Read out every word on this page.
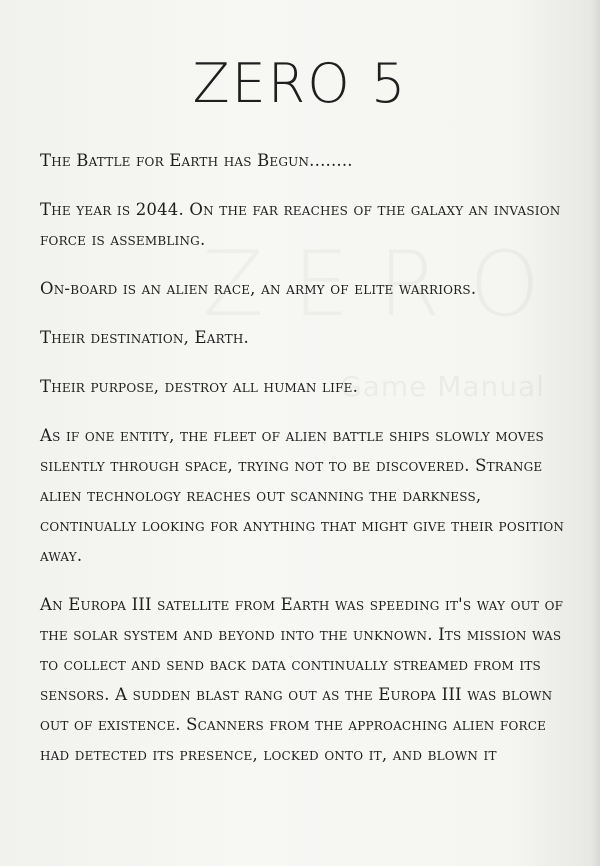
ZERO 5

The Battle for Earth has Begun........

The year is 2044. On the far reaches of the galaxy an invasion force is assembling.

On-board is an alien race, an army of elite warriors.

Their destination, Earth.

Their purpose, destroy all human life.

As if one entity, the fleet of alien battle ships slowly moves silently through space, trying not to be discovered. Strange alien technology reaches out scanning the darkness, continually looking for anything that might give their position away.

An Europa III satellite from Earth was speeding it's way out of the solar system and beyond into the unknown. Its mission was to collect and send back data continually streamed from its sensors. A sudden blast rang out as the Europa III was blown out of existence. Scanners from the approaching alien force had detected its presence, locked onto it, and blown it
